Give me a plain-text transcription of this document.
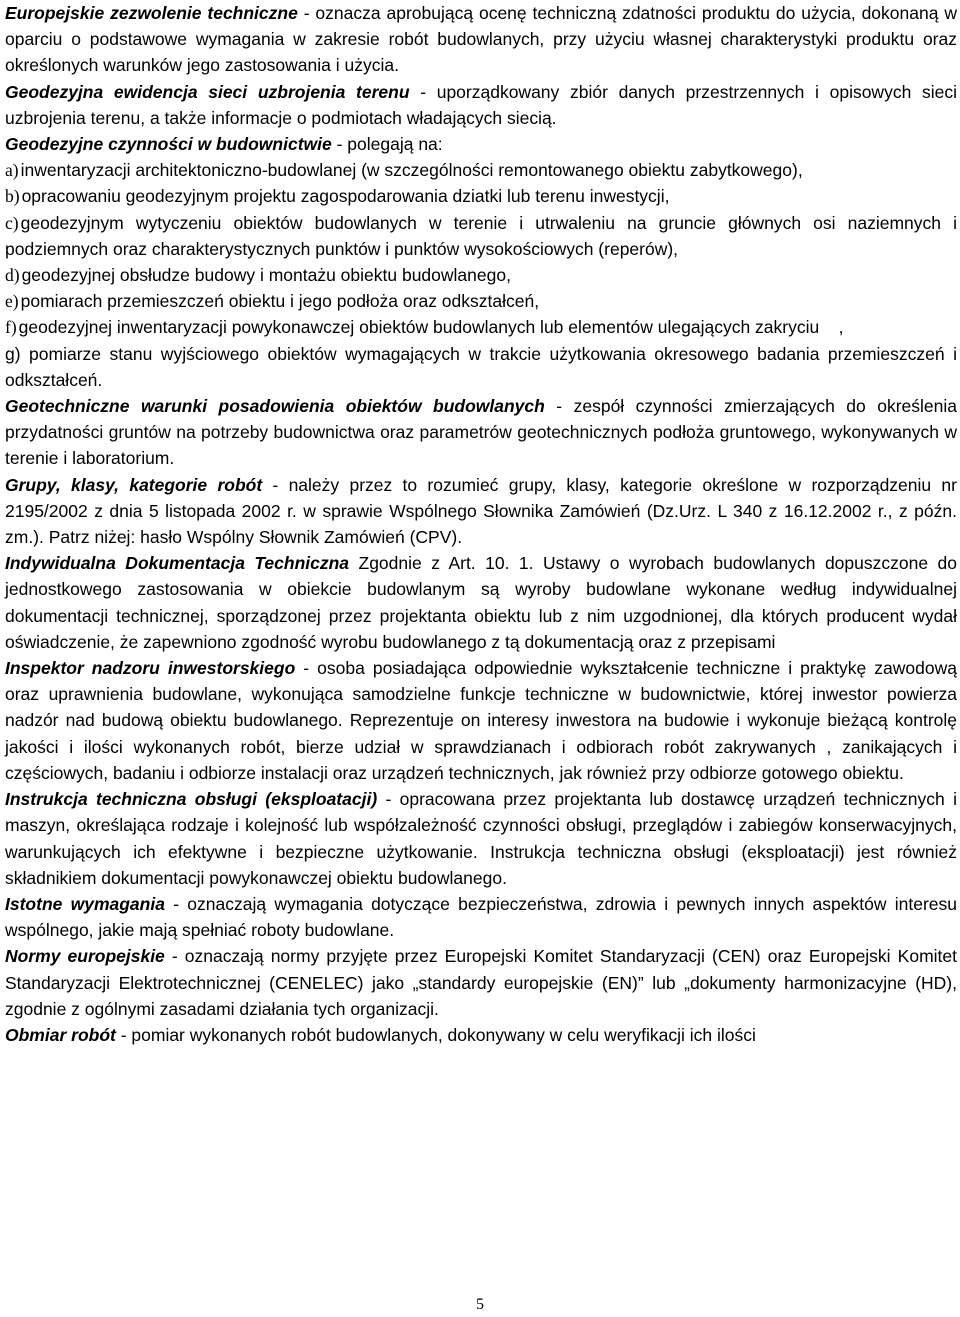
Europejskie zezwolenie techniczne - oznacza aprobującą ocenę techniczną zdatności produktu do użycia, dokonaną w oparciu o podstawowe wymagania w zakresie robót budowlanych, przy użyciu własnej charakterystyki produktu oraz określonych warunków jego zastosowania i użycia.

Geodezyjna ewidencja sieci uzbrojenia terenu - uporządkowany zbiór danych przestrzennych i opisowych sieci uzbrojenia terenu, a także informacje o podmiotach władających siecią.

Geodezyjne czynności w budownictwie - polegają na:

a) inwentaryzacji architektoniczno-budowlanej (w szczególności remontowanego obiektu zabytkowego),

b) opracowaniu geodezyjnym projektu zagospodarowania dziatki lub terenu inwestycji,

c) geodezyjnym wytyczeniu obiektów budowlanych w terenie i utrwaleniu na gruncie głównych osi naziemnych i podziemnych oraz charakterystycznych punktów i punktów wysokościowych (reperów),

d) geodezyjnej obsłudze budowy i montażu obiektu budowlanego,

e) pomiarach przemieszczeń obiektu i jego podłoża oraz odkształceń,

f) geodezyjnej inwentaryzacji powykonawczej obiektów budowlanych lub elementów ulegających zakryciu    ,

g) pomiarze stanu wyjściowego obiektów wymagających w trakcie użytkowania okresowego badania przemieszczeń i odkształceń.

Geotechniczne warunki posadowienia obiektów budowlanych - zespół czynności zmierzających do określenia przydatności gruntów na potrzeby budownictwa oraz parametrów geotechnicznych podłoża gruntowego, wykonywanych w terenie i laboratorium.

Grupy, klasy, kategorie robót - należy przez to rozumieć grupy, klasy, kategorie określone w rozporządzeniu nr 2195/2002 z dnia 5 listopada 2002 r. w sprawie Wspólnego Słownika Zamówień (Dz.Urz. L 340 z 16.12.2002 r., z późn. zm.). Patrz niżej: hasło Wspólny Słownik Zamówień (CPV).

Indywidualna Dokumentacja Techniczna Zgodnie z Art. 10. 1. Ustawy o wyrobach budowlanych dopuszczone do jednostkowego zastosowania w obiekcie budowlanym są wyroby budowlane wykonane według indywidualnej dokumentacji technicznej, sporządzonej przez projektanta obiektu lub z nim uzgodnionej, dla których producent wydał oświadczenie, że zapewniono zgodność wyrobu budowlanego z tą dokumentacją oraz z przepisami

Inspektor nadzoru inwestorskiego - osoba posiadająca odpowiednie wykształcenie techniczne i praktykę zawodową oraz uprawnienia budowlane, wykonująca samodzielne funkcje techniczne w budownictwie, której inwestor powierza nadzór nad budową obiektu budowlanego. Reprezentuje on interesy inwestora na budowie i wykonuje bieżącą kontrolę jakości i ilości wykonanych robót, bierze udział w sprawdzianach i odbiorach robót zakrywanych , zanikających i częściowych, badaniu i odbiorze instalacji oraz urządzeń technicznych, jak również przy odbiorze gotowego obiektu.

Instrukcja techniczna obsługi (eksploatacji) - opracowana przez projektanta lub dostawcę urządzeń technicznych i maszyn, określająca rodzaje i kolejność lub współzależność czynności obsługi, przeglądów i zabiegów konserwacyjnych, warunkujących ich efektywne i bezpieczne użytkowanie. Instrukcja techniczna obsługi (eksploatacji) jest również składnikiem dokumentacji powykonawczej obiektu budowlanego.

Istotne wymagania - oznaczają wymagania dotyczące bezpieczeństwa, zdrowia i pewnych innych aspektów interesu wspólnego, jakie mają spełniać roboty budowlane.

Normy europejskie - oznaczają normy przyjęte przez Europejski Komitet Standaryzacji (CEN) oraz Europejski Komitet Standaryzacji Elektrotechnicznej (CENELEC) jako „standardy europejskie (EN)” lub „dokumenty harmonizacyjne (HD), zgodnie z ogólnymi zasadami działania tych organizacji.

Obmiar robót - pomiar wykonanych robót budowlanych, dokonywany w celu weryfikacji ich ilości

5
